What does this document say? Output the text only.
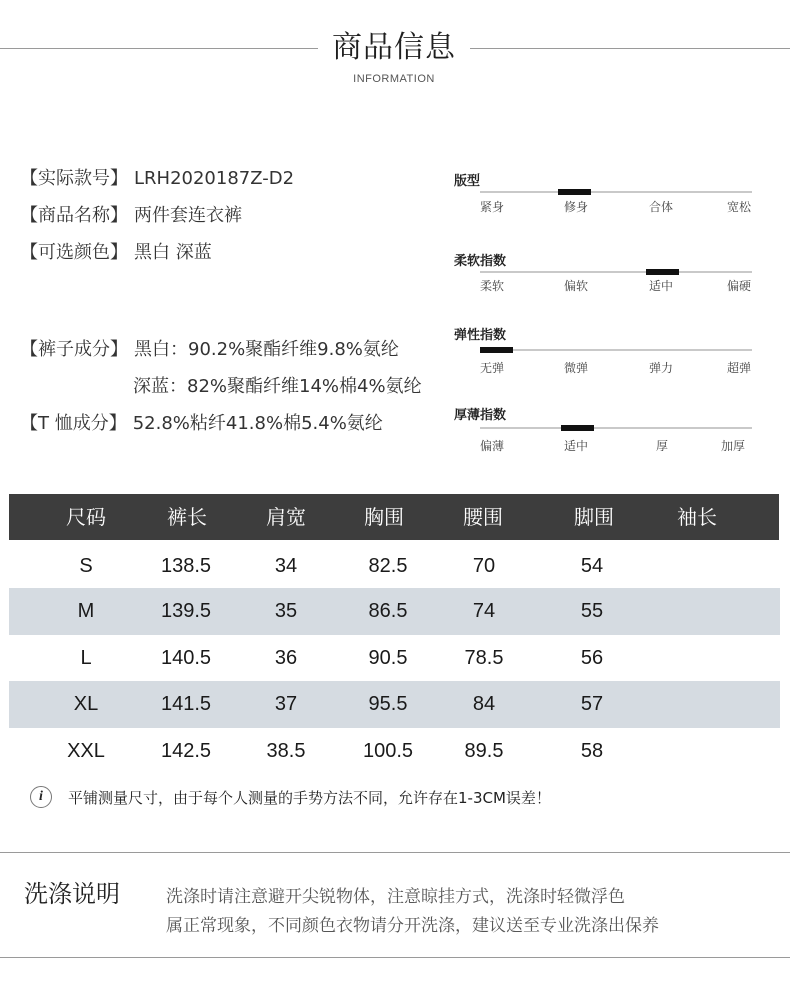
商品信息
INFORMATION
【实际款号】 LRH2020187Z-D2
【商品名称】 两件套连衣裤
【可选颜色】 黑白 深蓝
【裤子成分】 黑白：90.2%聚酯纤维9.8%氨纶
深蓝：82%聚酯纤维14%棉4%氨纶
【T 恤成分】 52.8%粘纤41.8%棉5.4%氨纶
版型
紧身	修身	合体	宽松
柔软指数
柔软	偏软	适中	偏硬
弹性指数
无弹	微弹	弹力	超弹
厚薄指数
偏薄	适中	厚	加厚
尺码	裤长	肩宽	胸围	腰围	脚围	袖长
S	138.5	34	82.5	70	54
M	139.5	35	86.5	74	55
L	140.5	36	90.5	78.5	56
XL	141.5	37	95.5	84	57
XXL	142.5	38.5	100.5	89.5	58
i	平铺测量尺寸，由于每个人测量的手势方法不同，允许存在1-3CM误差！
洗涤说明	洗涤时请注意避开尖锐物体，注意晾挂方式，洗涤时轻微浮色
属正常现象，不同颜色衣物请分开洗涤，建议送至专业洗涤出保养
